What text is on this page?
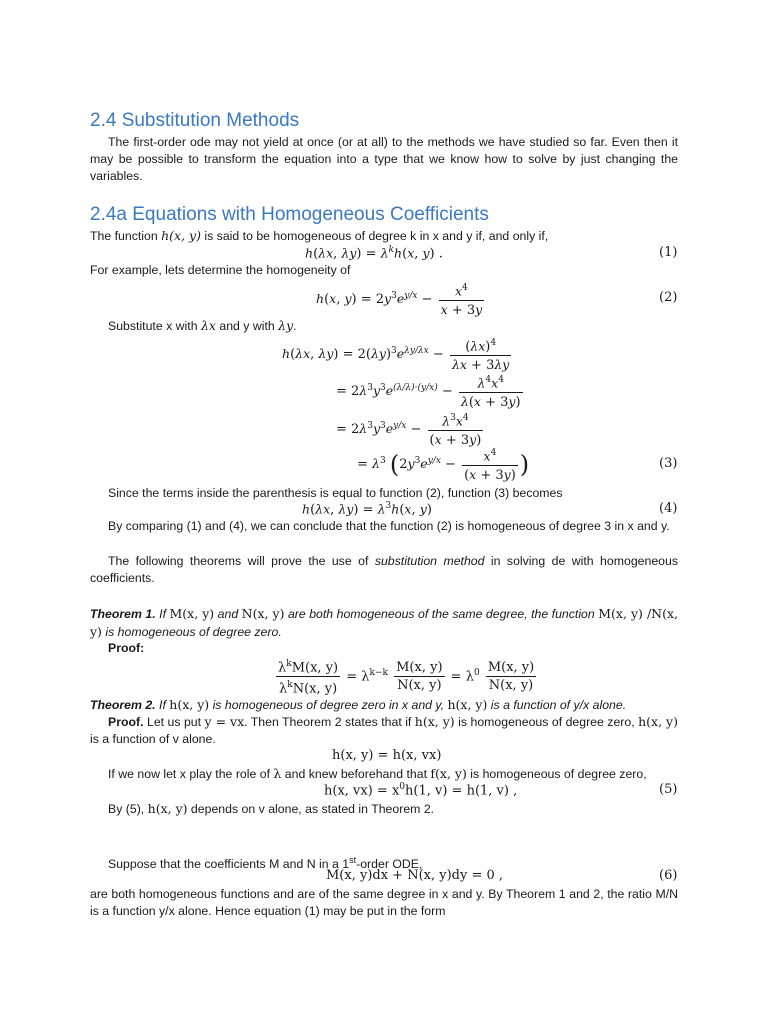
2.4 Substitution Methods
The first-order ode may not yield at once (or at all) to the methods we have studied so far. Even then it may be possible to transform the equation into a type that we know how to solve by just changing the variables.
2.4a Equations with Homogeneous Coefficients
The function h(x, y) is said to be homogeneous of degree k in x and y if, and only if,
h(λx, $\lambda y) = \lambda^kh(x$, y) .	(1)
For example, lets determine the homogeneity of
h(x, $y) = 2y^3e^{y/x} - \frac{x^4}{x + 3y}$	(2)
Substitute x with λx and y with λy.
h(λx, $\lambda y) = 2(\lambda y)^3e^{\lambda y/\lambda x} - \frac{(\lambda x)^4}{\lambda x + 3\lambda y}$
= $2\lambda^3y^3e^{(\lambda/\lambda)\cdot(y/x)} - \frac{\lambda^4x^4}{\lambda(x + 3y)}$
= $2\lambda^3y^3e^{y/x} - \frac{\lambda^3x^4}{(x + 3y)}$
= $\lambda^3$ ($2y^3e^{y/x} - \frac{x^4}{(x + 3y)}$ )	(3)
Since the terms inside the parenthesis is equal to function (2), function (3) becomes
h(λx, $\lambda y) = \lambda^3h(x$, y)	(4)
By comparing (1) and (4), we can conclude that the function (2) is homogeneous of degree 3 in x and y.
The following theorems will prove the use of substitution method in solving de with homogeneous coefficients.
Theorem 1. If M(x, y) and N(x, y) are both homogeneous of the same degree, the function M(x, y) /N(x, y) is homogeneous of degree zero.
Proof:
$\frac{\lambda^kM(x, y)}{\lambda^kN(x, y)} = \lambda^{k-k} \frac{M(x, y)}{N(x, y)} = \lambda^0 \frac{M(x, y)}{N(x, y)}$
Theorem 2. If h(x, y) is homogeneous of degree zero in x and y, h(x, y) is a function of y/x alone.
Proof. Let us put y = vx. Then Theorem 2 states that if h(x, y) is homogeneous of degree zero, h(x, y) is a function of v alone.
h(x, y) = h(x, vx)
If we now let x play the role of λ and knew beforehand that f(x, y) is homogeneous of degree zero,
h(x, $vx) = x^0h(1$, v) = h(1, v) ,	(5)
By (5), h(x, y) depends on v alone, as stated in Theorem 2.
Suppose that the coefficients M and N in a 1st-order ODE,
M(x, y)dx + N(x, y)dy = 0 ,	(6)
are both homogeneous functions and are of the same degree in x and y. By Theorem 1 and 2, the ratio M/N is a function y/x alone. Hence equation (1) may be put in the form
